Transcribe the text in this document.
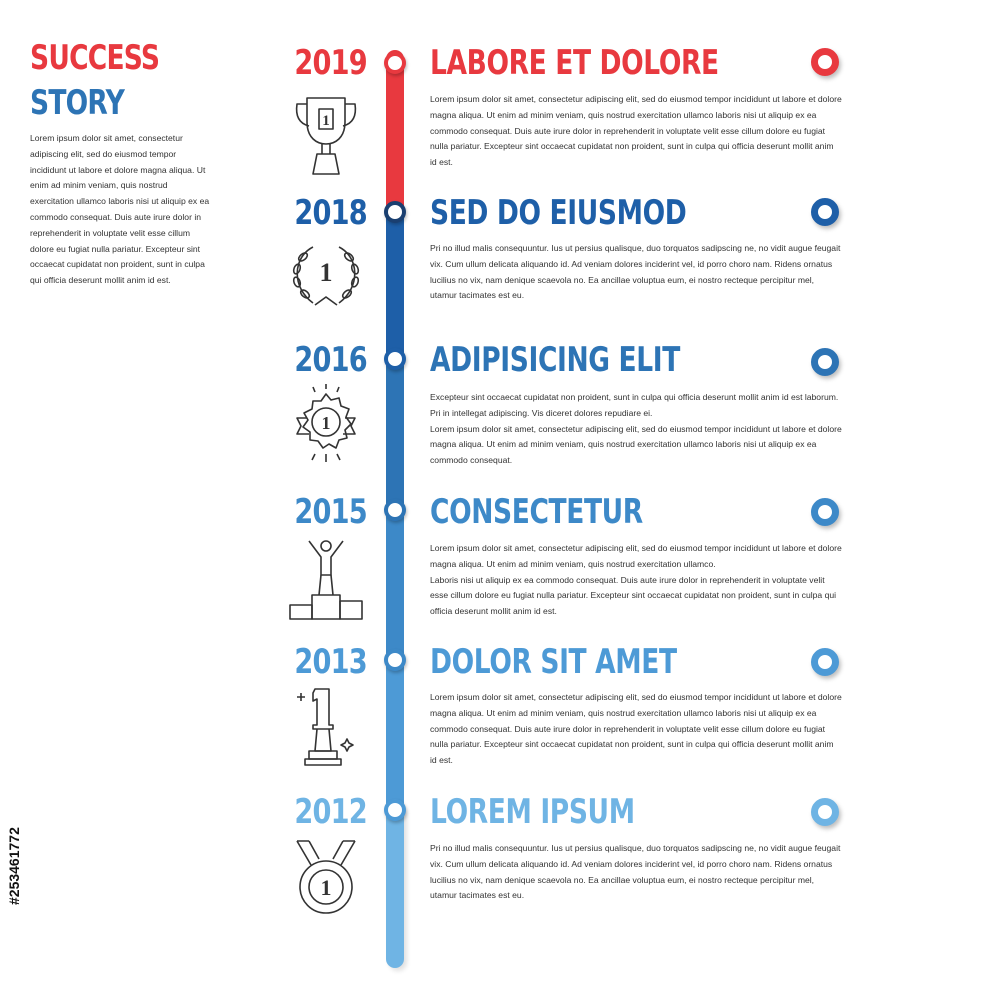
SUCCESS
STORY
Lorem ipsum dolor sit amet, consectetur adipiscing elit, sed do eiusmod tempor incididunt ut labore et dolore magna aliqua. Ut enim ad minim veniam, quis nostrud exercitation ullamco laboris nisi ut aliquip ex ea commodo consequat. Duis aute irure dolor in reprehenderit in voluptate velit esse cillum dolore eu fugiat nulla pariatur. Excepteur sint occaecat cupidatat non proident, sunt in culpa qui officia deserunt mollit anim id est.
#253461772
2019
1
LABORE ET DOLORE
Lorem ipsum dolor sit amet, consectetur adipiscing elit, sed do eiusmod tempor incididunt ut labore et dolore magna aliqua. Ut enim ad minim veniam, quis nostrud exercitation ullamco laboris nisi ut aliquip ex ea commodo consequat. Duis aute irure dolor in reprehenderit in voluptate velit esse cillum dolore eu fugiat nulla pariatur. Excepteur sint occaecat cupidatat non proident, sunt in culpa qui officia deserunt mollit anim id est.
2018
1
SED DO EIUSMOD
Pri no illud malis consequuntur. Ius ut persius qualisque, duo torquatos sadipscing ne, no vidit augue feugait vix. Cum ullum delicata aliquando id. Ad veniam dolores inciderint vel, id porro choro nam. Ridens ornatus lucilius no vix, nam denique scaevola no. Ea ancillae voluptua eum, ei nostro recteque percipitur mel, utamur tacimates est eu.
2016
1
ADIPISICING ELIT
Excepteur sint occaecat cupidatat non proident, sunt in culpa qui officia deserunt mollit anim id est laborum. Pri in intellegat adipiscing. Vis diceret dolores repudiare ei.
Lorem ipsum dolor sit amet, consectetur adipiscing elit, sed do eiusmod tempor incididunt ut labore et dolore magna aliqua. Ut enim ad minim veniam, quis nostrud exercitation ullamco laboris nisi ut aliquip ex ea commodo consequat.
2015 CONSECTETUR
Lorem ipsum dolor sit amet, consectetur adipiscing elit, sed do eiusmod tempor incididunt ut labore et dolore magna aliqua. Ut enim ad minim veniam, quis nostrud exercitation ullamco.
Laboris nisi ut aliquip ex ea commodo consequat. Duis aute irure dolor in reprehenderit in voluptate velit esse cillum dolore eu fugiat nulla pariatur. Excepteur sint occaecat cupidatat non proident, sunt in culpa qui officia deserunt mollit anim id est.
2013 DOLOR SIT AMET
Lorem ipsum dolor sit amet, consectetur adipiscing elit, sed do eiusmod tempor incididunt ut labore et dolore magna aliqua. Ut enim ad minim veniam, quis nostrud exercitation ullamco laboris nisi ut aliquip ex ea commodo consequat. Duis aute irure dolor in reprehenderit in voluptate velit esse cillum dolore eu fugiat nulla pariatur. Excepteur sint occaecat cupidatat non proident, sunt in culpa qui officia deserunt mollit anim id est.
2012
1
LOREM IPSUM
Pri no illud malis consequuntur. Ius ut persius qualisque, duo torquatos sadipscing ne, no vidit augue feugait vix. Cum ullum delicata aliquando id. Ad veniam dolores inciderint vel, id porro choro nam. Ridens ornatus lucilius no vix, nam denique scaevola no. Ea ancillae voluptua eum, ei nostro recteque percipitur mel, utamur tacimates est eu.
